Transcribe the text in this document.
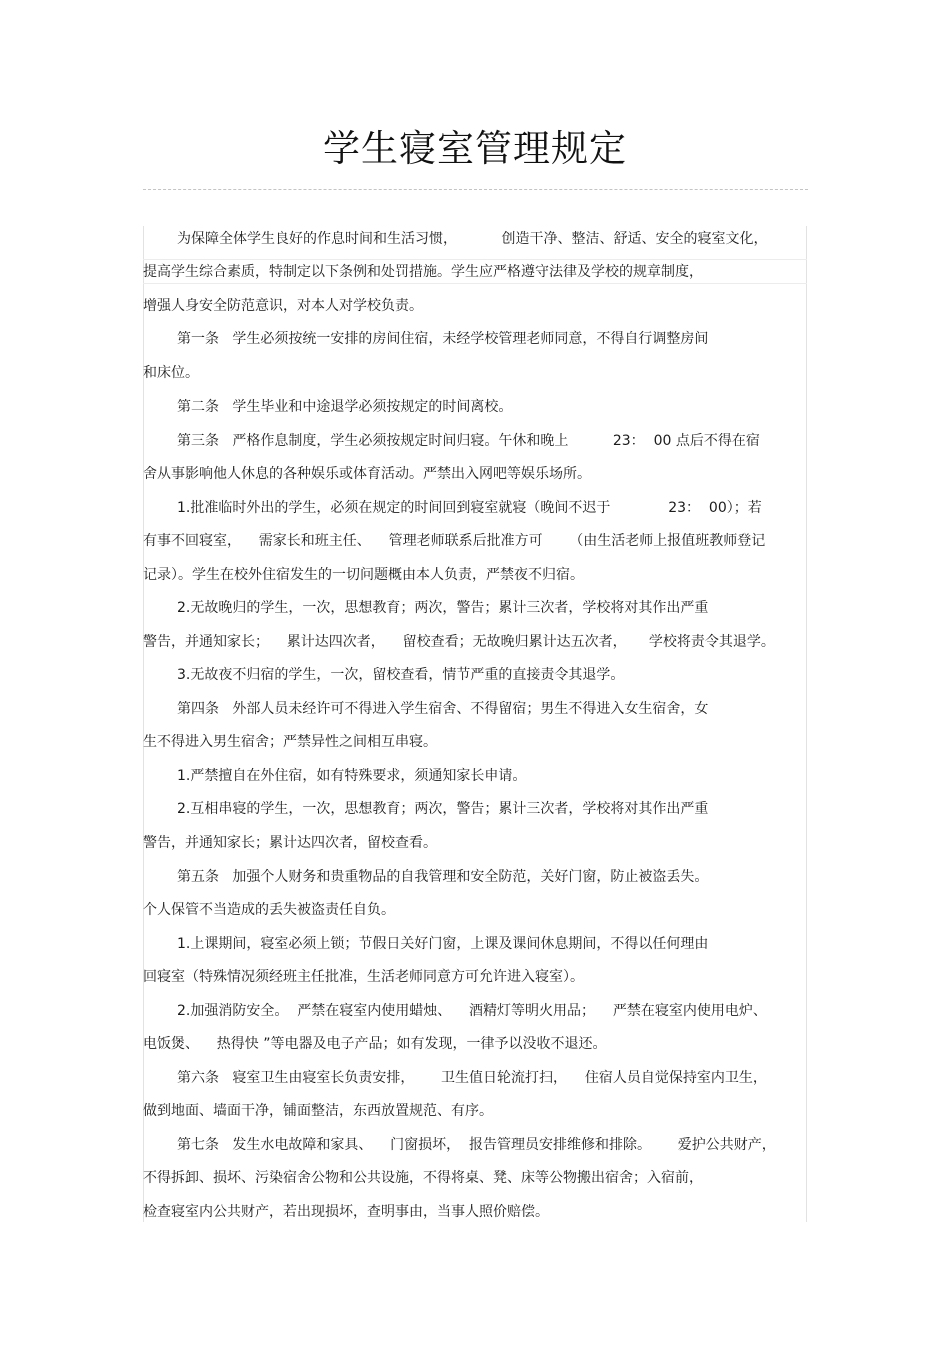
学生寝室管理规定
为保障全体学生良好的作息时间和生活习惯，          创造干净、整洁、舒适、安全的寝室文化，
提高学生综合素质，特制定以下条例和处罚措施。学生应严格遵守法律及学校的规章制度，
增强人身安全防范意识，对本人对学校负责。
第一条   学生必须按统一安排的房间住宿，未经学校管理老师同意，不得自行调整房间
和床位。
第二条   学生毕业和中途退学必须按规定的时间离校。
第三条   严格作息制度，学生必须按规定时间归寝。午休和晚上          23：  00 点后不得在宿
舍从事影响他人休息的各种娱乐或体育活动。严禁出入网吧等娱乐场所。
1.批准临时外出的学生，必须在规定的时间回到寝室就寝（晚间不迟于             23：  00）；若
有事不回寝室，    需家长和班主任、    管理老师联系后批准方可      （由生活老师上报值班教师登记
记录）。学生在校外住宿发生的一切问题概由本人负责，严禁夜不归宿。
2.无故晚归的学生，一次，思想教育；两次，警告；累计三次者，学校将对其作出严重
警告，并通知家长；    累计达四次者，    留校查看；无故晚归累计达五次者，     学校将责令其退学。
3.无故夜不归宿的学生，一次，留校查看，情节严重的直接责令其退学。
第四条   外部人员未经许可不得进入学生宿舍、不得留宿；男生不得进入女生宿舍，女
生不得进入男生宿舍；严禁异性之间相互串寝。
1.严禁擅自在外住宿，如有特殊要求，须通知家长申请。
2.互相串寝的学生，一次，思想教育；两次，警告；累计三次者，学校将对其作出严重
警告，并通知家长；累计达四次者，留校查看。
第五条   加强个人财务和贵重物品的自我管理和安全防范，关好门窗，防止被盗丢失。
个人保管不当造成的丢失被盗责任自负。
1.上课期间，寝室必须上锁；节假日关好门窗，上课及课间休息期间，不得以任何理由
回寝室（特殊情况须经班主任批准，生活老师同意方可允许进入寝室）。
2.加强消防安全。  严禁在寝室内使用蜡烛、    酒精灯等明火用品；    严禁在寝室内使用电炉、
电饭煲、    热得快 ”等电器及电子产品；如有发现，一律予以没收不退还。
第六条   寝室卫生由寝室长负责安排，      卫生值日轮流打扫，    住宿人员自觉保持室内卫生，
做到地面、墙面干净，铺面整洁，东西放置规范、有序。
第七条   发生水电故障和家具、    门窗损坏，  报告管理员安排维修和排除。      爱护公共财产，
不得拆卸、损坏、污染宿舍公物和公共设施，不得将桌、凳、床等公物搬出宿舍；入宿前，
检查寝室内公共财产，若出现损坏，查明事由，当事人照价赔偿。
